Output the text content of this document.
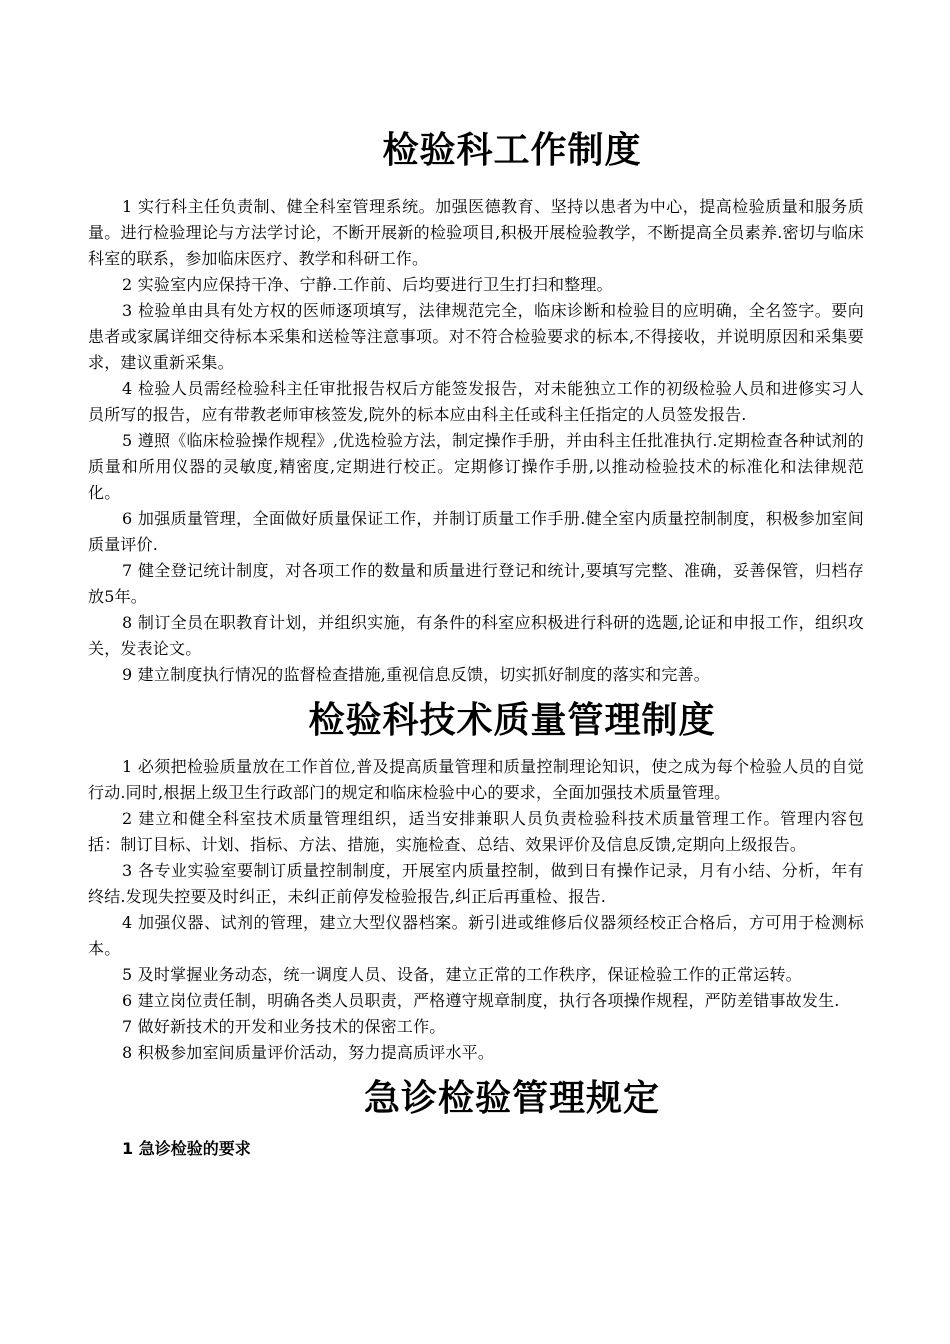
检验科工作制度

1 实行科主任负责制、健全科室管理系统。加强医德教育、坚持以患者为中心，提高检验质量和服务质量。进行检验理论与方法学讨论，不断开展新的检验项目,积极开展检验教学，不断提高全员素养.密切与临床科室的联系，参加临床医疗、教学和科研工作。

2 实验室内应保持干净、宁静.工作前、后均要进行卫生打扫和整理。

3 检验单由具有处方权的医师逐项填写，法律规范完全，临床诊断和检验目的应明确，全名签字。要向患者或家属详细交待标本采集和送检等注意事项。对不符合检验要求的标本,不得接收，并说明原因和采集要求，建议重新采集。

4 检验人员需经检验科主任审批报告权后方能签发报告，对未能独立工作的初级检验人员和进修实习人员所写的报告，应有带教老师审核签发,院外的标本应由科主任或科主任指定的人员签发报告.

5 遵照《临床检验操作规程》,优选检验方法，制定操作手册，并由科主任批准执行.定期检查各种试剂的质量和所用仪器的灵敏度,精密度,定期进行校正。定期修订操作手册,以推动检验技术的标准化和法律规范化。

6 加强质量管理，全面做好质量保证工作，并制订质量工作手册.健全室内质量控制制度，积极参加室间质量评价.

7 健全登记统计制度，对各项工作的数量和质量进行登记和统计,要填写完整、准确，妥善保管，归档存放5年。

8 制订全员在职教育计划，并组织实施，有条件的科室应积极进行科研的选题,论证和申报工作，组织攻关，发表论文。

9 建立制度执行情况的监督检查措施,重视信息反馈，切实抓好制度的落实和完善。

检验科技术质量管理制度

1 必须把检验质量放在工作首位,普及提高质量管理和质量控制理论知识，使之成为每个检验人员的自觉行动.同时,根据上级卫生行政部门的规定和临床检验中心的要求，全面加强技术质量管理。

2 建立和健全科室技术质量管理组织，适当安排兼职人员负责检验科技术质量管理工作。管理内容包括：制订目标、计划、指标、方法、措施，实施检查、总结、效果评价及信息反馈,定期向上级报告。

3 各专业实验室要制订质量控制制度，开展室内质量控制，做到日有操作记录，月有小结、分析，年有终结.发现失控要及时纠正，未纠正前停发检验报告,纠正后再重检、报告.

4 加强仪器、试剂的管理，建立大型仪器档案。新引进或维修后仪器须经校正合格后，方可用于检测标本。

5 及时掌握业务动态，统一调度人员、设备，建立正常的工作秩序，保证检验工作的正常运转。

6 建立岗位责任制，明确各类人员职责，严格遵守规章制度，执行各项操作规程，严防差错事故发生.

7 做好新技术的开发和业务技术的保密工作。

8 积极参加室间质量评价活动，努力提高质评水平。

急诊检验管理规定

1 急诊检验的要求
